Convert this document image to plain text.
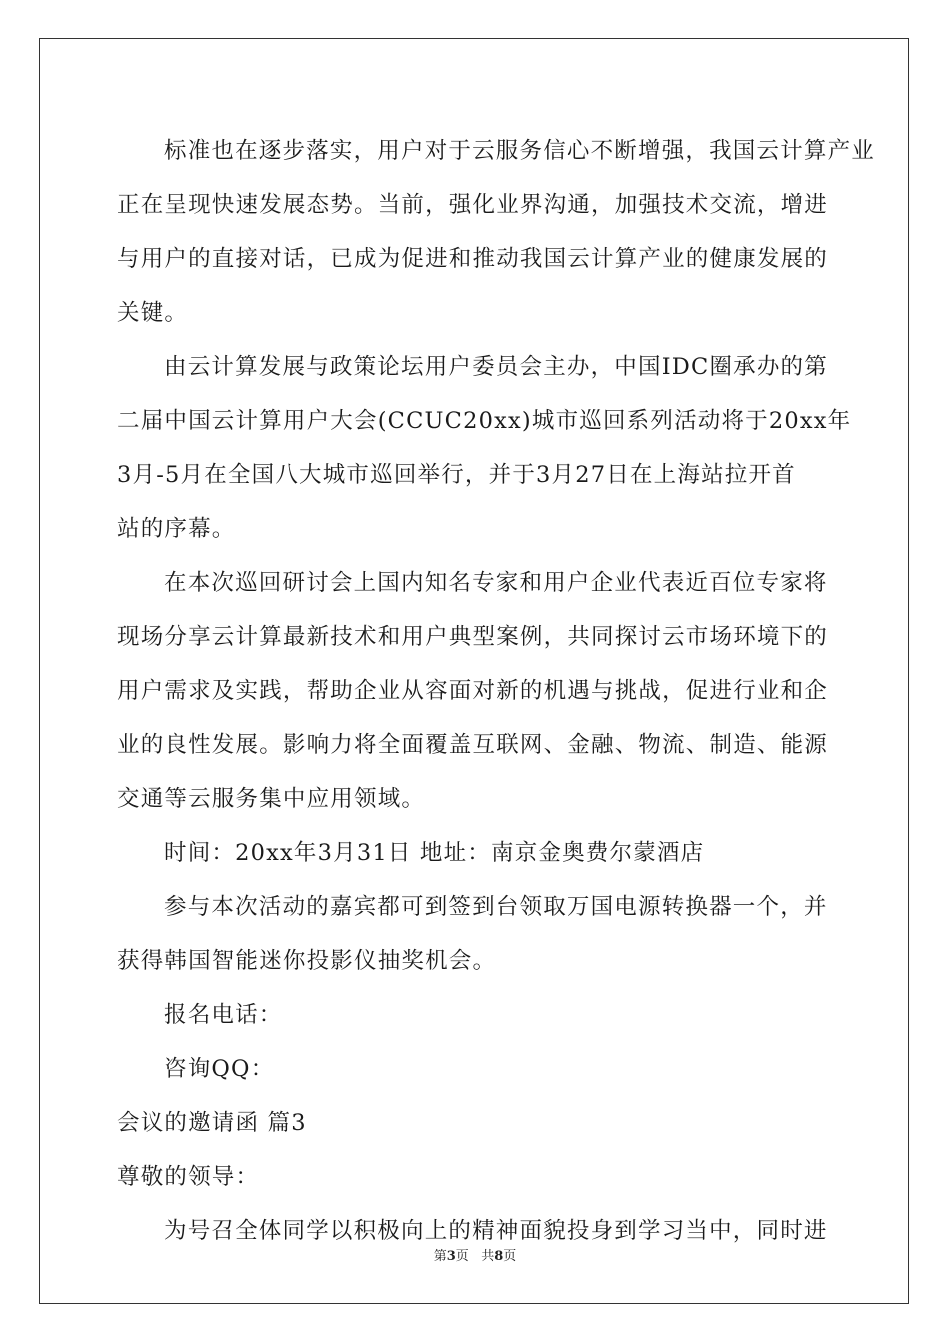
标准也在逐步落实，用户对于云服务信心不断增强，我国云计算产业
正在呈现快速发展态势。当前，强化业界沟通，加强技术交流，增进
与用户的直接对话，已成为促进和推动我国云计算产业的健康发展的
关键。
由云计算发展与政策论坛用户委员会主办，中国IDC圈承办的第
二届中国云计算用户大会(CCUC20xx)城市巡回系列活动将于20xx年
3月-5月在全国八大城市巡回举行，并于3月27日在上海站拉开首
站的序幕。
在本次巡回研讨会上国内知名专家和用户企业代表近百位专家将
现场分享云计算最新技术和用户典型案例，共同探讨云市场环境下的
用户需求及实践，帮助企业从容面对新的机遇与挑战，促进行业和企
业的良性发展。影响力将全面覆盖互联网、金融、物流、制造、能源
交通等云服务集中应用领域。
时间：20xx年3月31日 地址：南京金奥费尔蒙酒店
参与本次活动的嘉宾都可到签到台领取万国电源转换器一个，并
获得韩国智能迷你投影仪抽奖机会。
报名电话：
咨询QQ：
会议的邀请函 篇3
尊敬的领导：
为号召全体同学以积极向上的精神面貌投身到学习当中，同时进
第3页   共8页
